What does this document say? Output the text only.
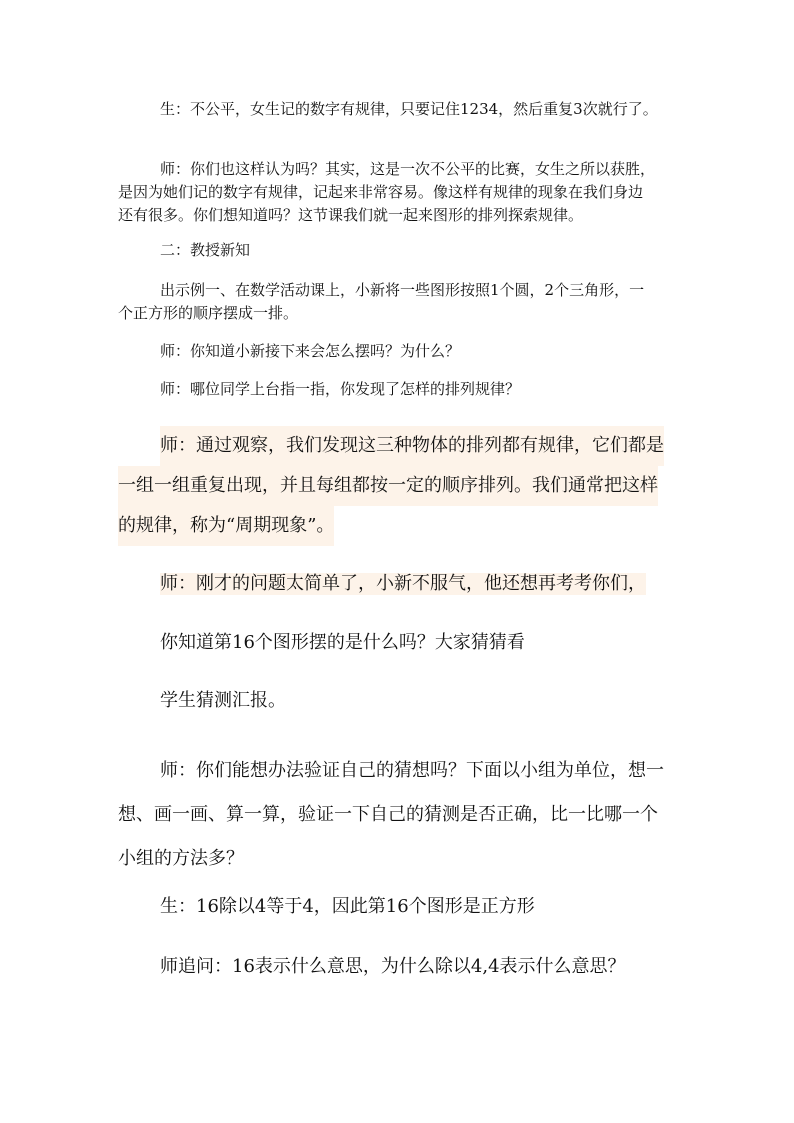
生：不公平，女生记的数字有规律，只要记住1234，然后重复3次就行了。

师：你们也这样认为吗？其实，这是一次不公平的比赛，女生之所以获胜，
是因为她们记的数字有规律，记起来非常容易。像这样有规律的现象在我们身边
还有很多。你们想知道吗？这节课我们就一起来图形的排列探索规律。

二：教授新知

出示例一、在数学活动课上，小新将一些图形按照1个圆，2个三角形，一
个正方形的顺序摆成一排。

师：你知道小新接下来会怎么摆吗？为什么？

师：哪位同学上台指一指，你发现了怎样的排列规律？

师：通过观察，我们发现这三种物体的排列都有规律，它们都是
一组一组重复出现，并且每组都按一定的顺序排列。我们通常把这样
的规律，称为“周期现象”。

师：刚才的问题太简单了，小新不服气，他还想再考考你们，

你知道第16个图形摆的是什么吗？大家猜猜看

学生猜测汇报。

师：你们能想办法验证自己的猜想吗？下面以小组为单位，想一
想、画一画、算一算，验证一下自己的猜测是否正确，比一比哪一个
小组的方法多？

生：16除以4等于4，因此第16个图形是正方形

师追问：16表示什么意思，为什么除以4,4表示什么意思？
